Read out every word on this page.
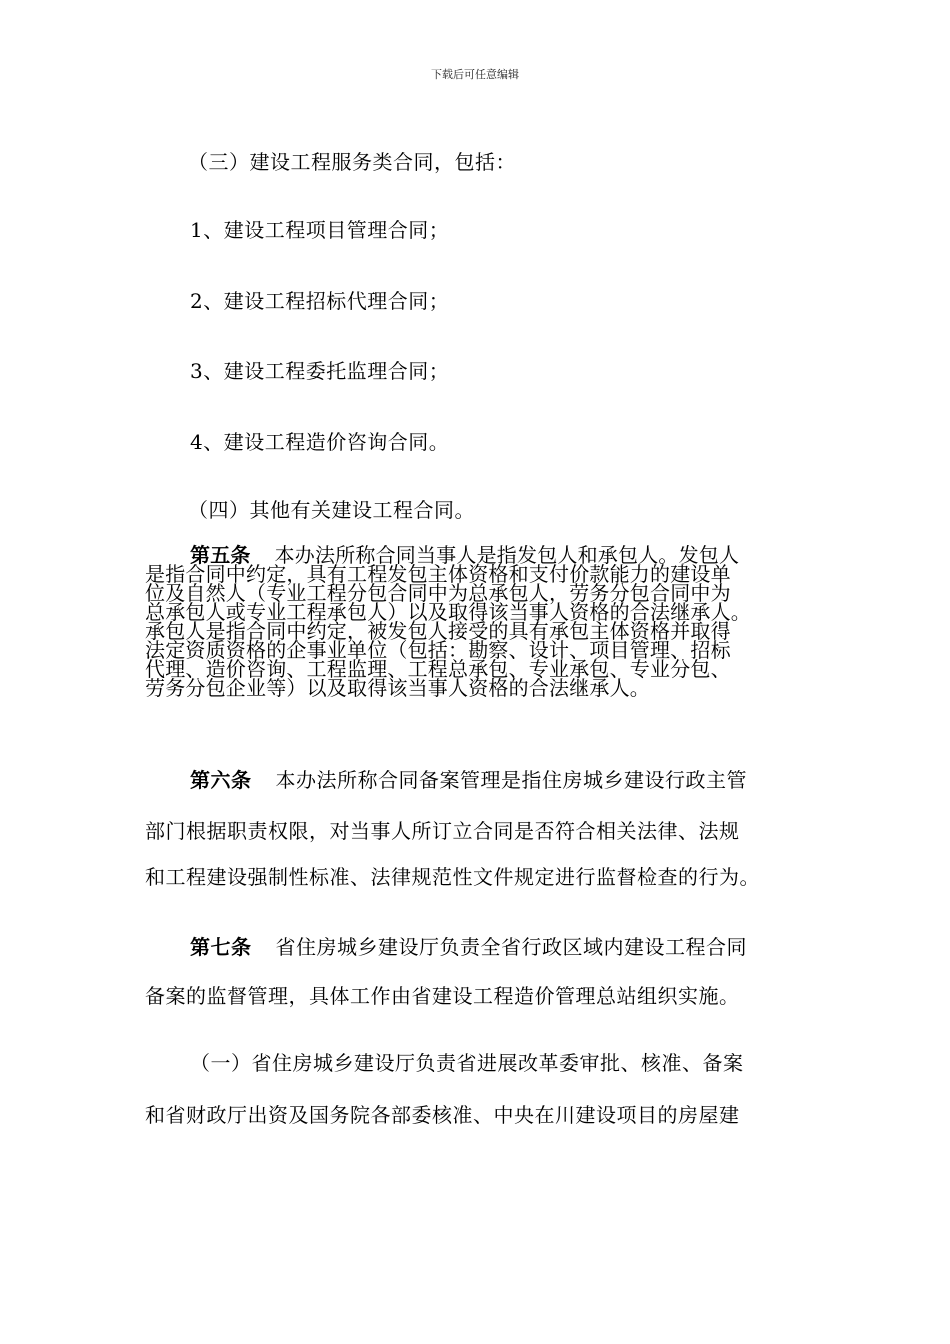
下载后可任意编辑
（三）建设工程服务类合同，包括：
1、建设工程项目管理合同；
2、建设工程招标代理合同；
3、建设工程委托监理合同；
4、建设工程造价咨询合同。
（四）其他有关建设工程合同。
第五条 本办法所称合同当事人是指发包人和承包人。发包人
是指合同中约定，具有工程发包主体资格和支付价款能力的建设单
位及自然人（专业工程分包合同中为总承包人，劳务分包合同中为
总承包人或专业工程承包人）以及取得该当事人资格的合法继承人。
承包人是指合同中约定，被发包人接受的具有承包主体资格并取得
法定资质资格的企事业单位（包括：勘察、设计、项目管理、招标
代理、造价咨询、工程监理、工程总承包、专业承包、专业分包、
劳务分包企业等）以及取得该当事人资格的合法继承人。
第六条 本办法所称合同备案管理是指住房城乡建设行政主管
部门根据职责权限，对当事人所订立合同是否符合相关法律、法规
和工程建设强制性标准、法律规范性文件规定进行监督检查的行为。
第七条 省住房城乡建设厅负责全省行政区域内建设工程合同
备案的监督管理，具体工作由省建设工程造价管理总站组织实施。
（一）省住房城乡建设厅负责省进展改革委审批、核准、备案
和省财政厅出资及国务院各部委核准、中央在川建设项目的房屋建
